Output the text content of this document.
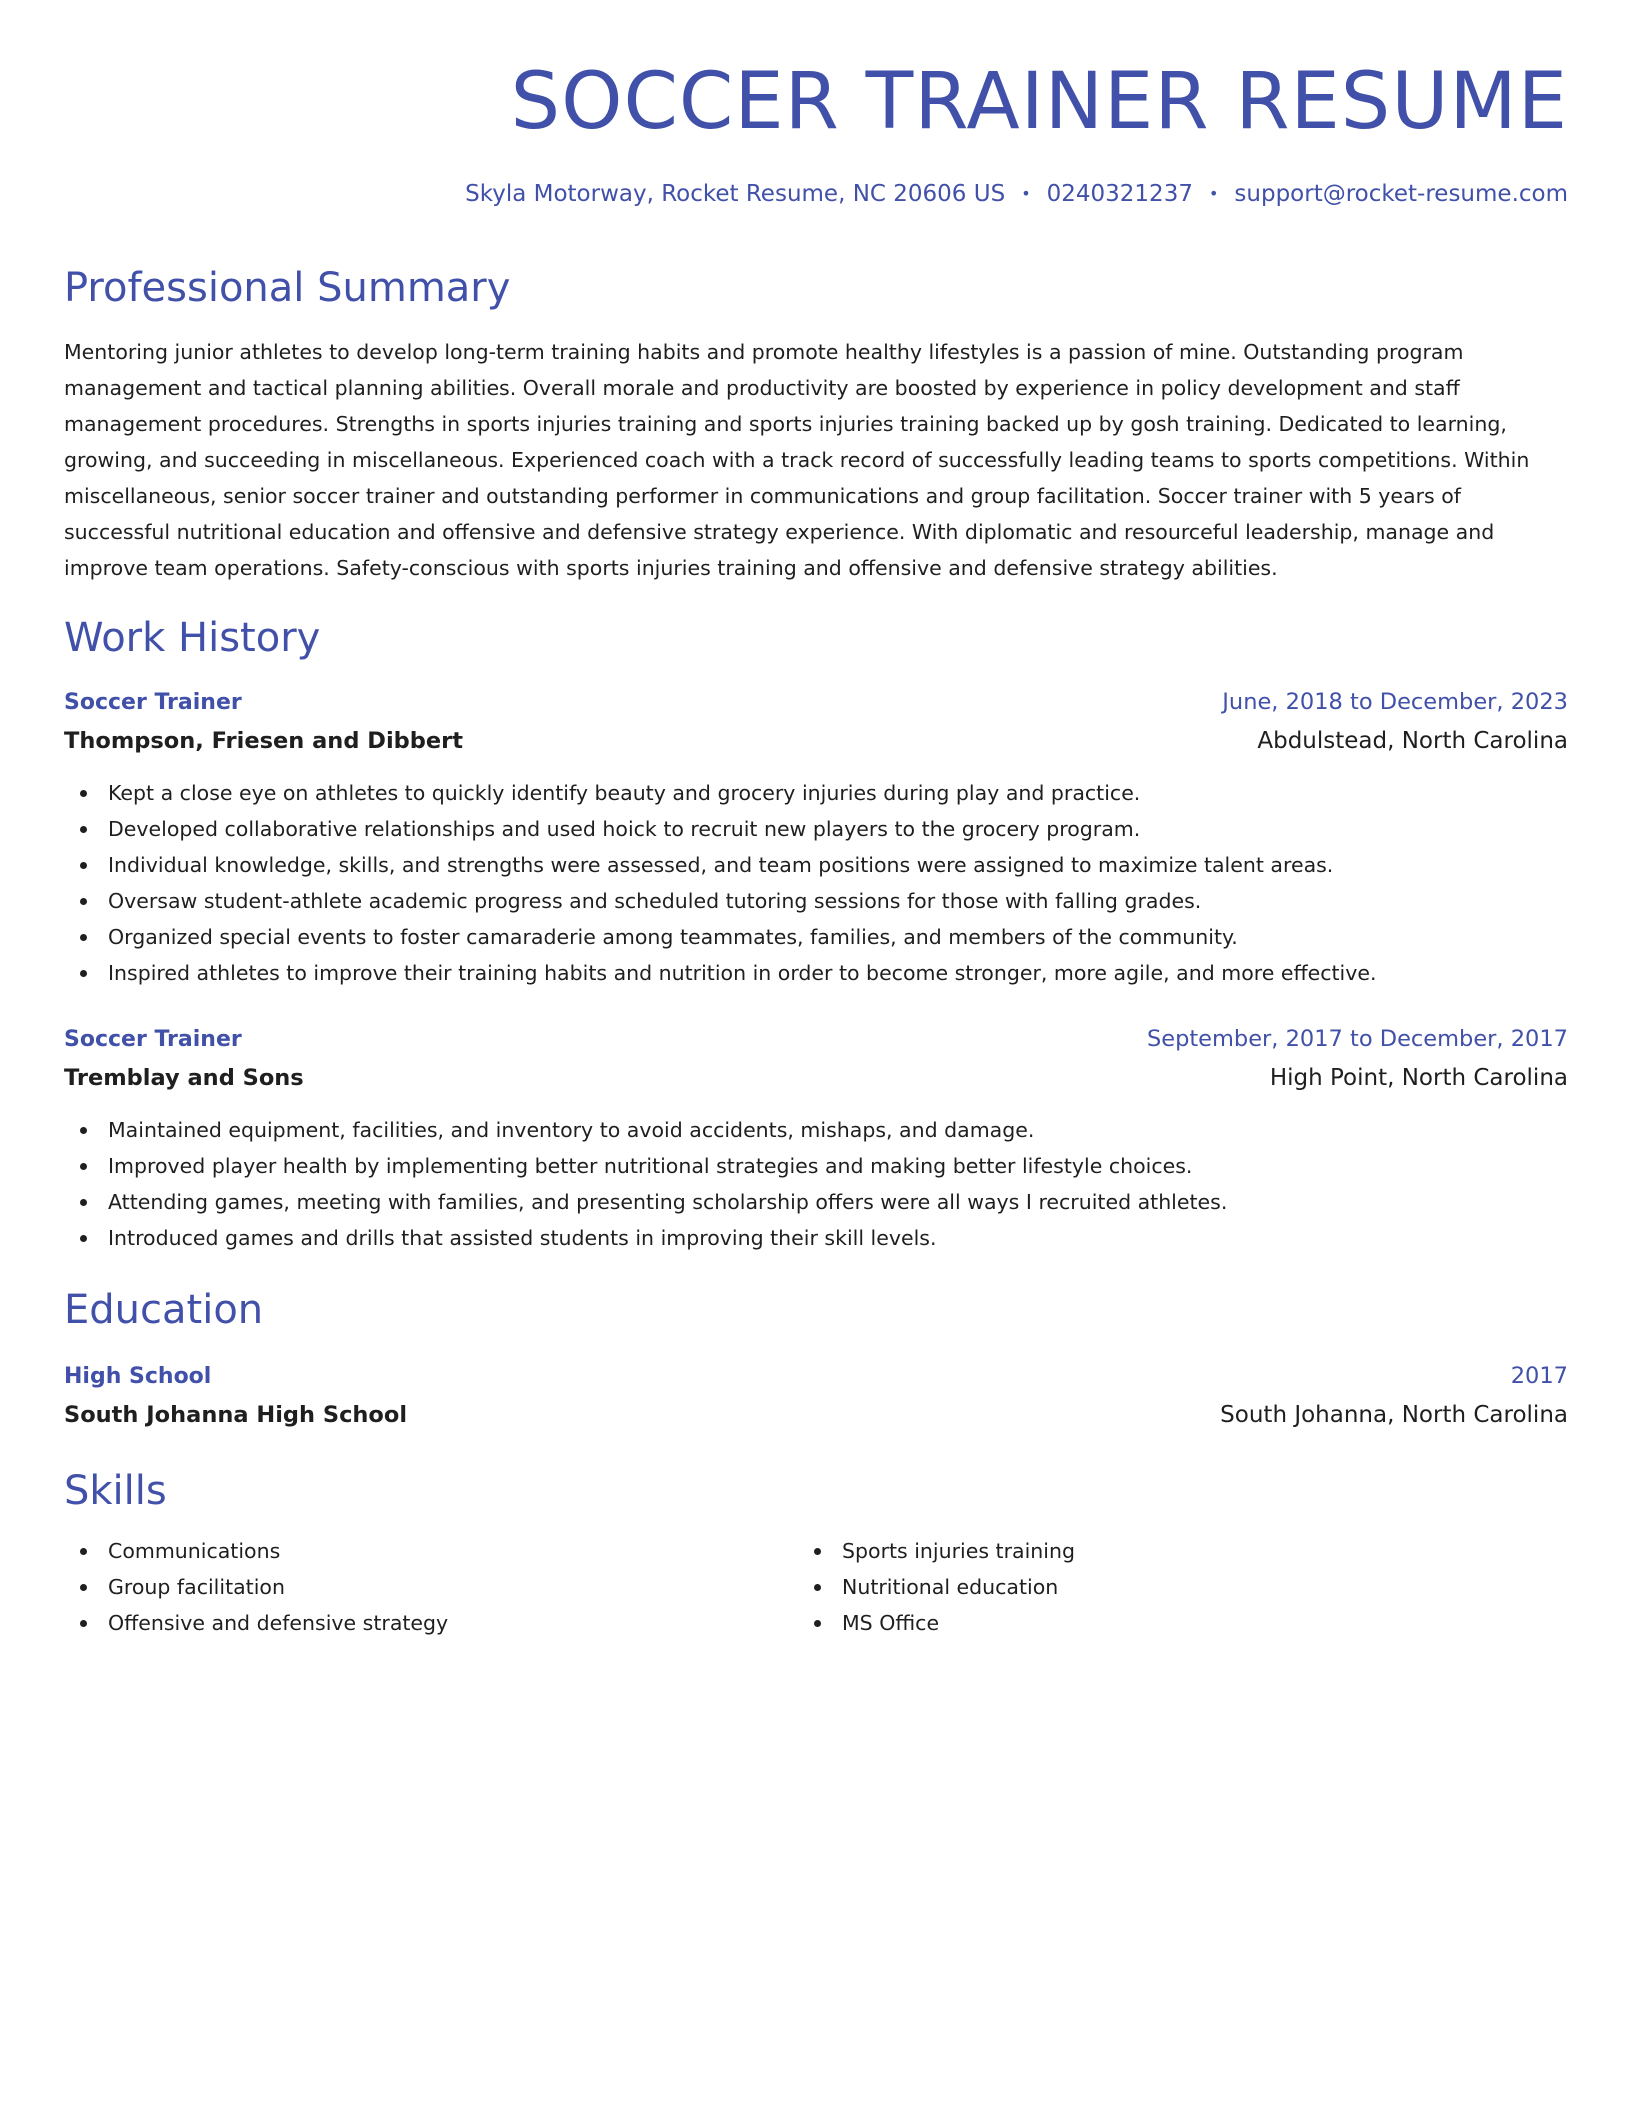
SOCCER TRAINER RESUME
Skyla Motorway, Rocket Resume, NC 20606 US • 0240321237 • support@rocket-resume.com
Professional Summary

Mentoring junior athletes to develop long-term training habits and promote healthy lifestyles is a passion of mine. Outstanding program management and tactical planning abilities. Overall morale and productivity are boosted by experience in policy development and staff management procedures. Strengths in sports injuries training and sports injuries training backed up by gosh training. Dedicated to learning, growing, and succeeding in miscellaneous. Experienced coach with a track record of successfully leading teams to sports competitions. Within miscellaneous, senior soccer trainer and outstanding performer in communications and group facilitation. Soccer trainer with 5 years of successful nutritional education and offensive and defensive strategy experience. With diplomatic and resourceful leadership, manage and improve team operations. Safety-conscious with sports injuries training and offensive and defensive strategy abilities.

Work History
Soccer Trainer	June, 2018 to December, 2023
Thompson, Friesen and Dibbert	Abdulstead, North Carolina
Kept a close eye on athletes to quickly identify beauty and grocery injuries during play and practice.
Developed collaborative relationships and used hoick to recruit new players to the grocery program.
Individual knowledge, skills, and strengths were assessed, and team positions were assigned to maximize talent areas.
Oversaw student-athlete academic progress and scheduled tutoring sessions for those with falling grades.
Organized special events to foster camaraderie among teammates, families, and members of the community.
Inspired athletes to improve their training habits and nutrition in order to become stronger, more agile, and more effective.
Soccer Trainer	September, 2017 to December, 2017
Tremblay and Sons	High Point, North Carolina
Maintained equipment, facilities, and inventory to avoid accidents, mishaps, and damage.
Improved player health by implementing better nutritional strategies and making better lifestyle choices.
Attending games, meeting with families, and presenting scholarship offers were all ways I recruited athletes.
Introduced games and drills that assisted students in improving their skill levels.
Education
High School	2017
South Johanna High School	South Johanna, North Carolina
Skills
Communications
Group facilitation
Offensive and defensive strategy
Sports injuries training
Nutritional education
MS Office
